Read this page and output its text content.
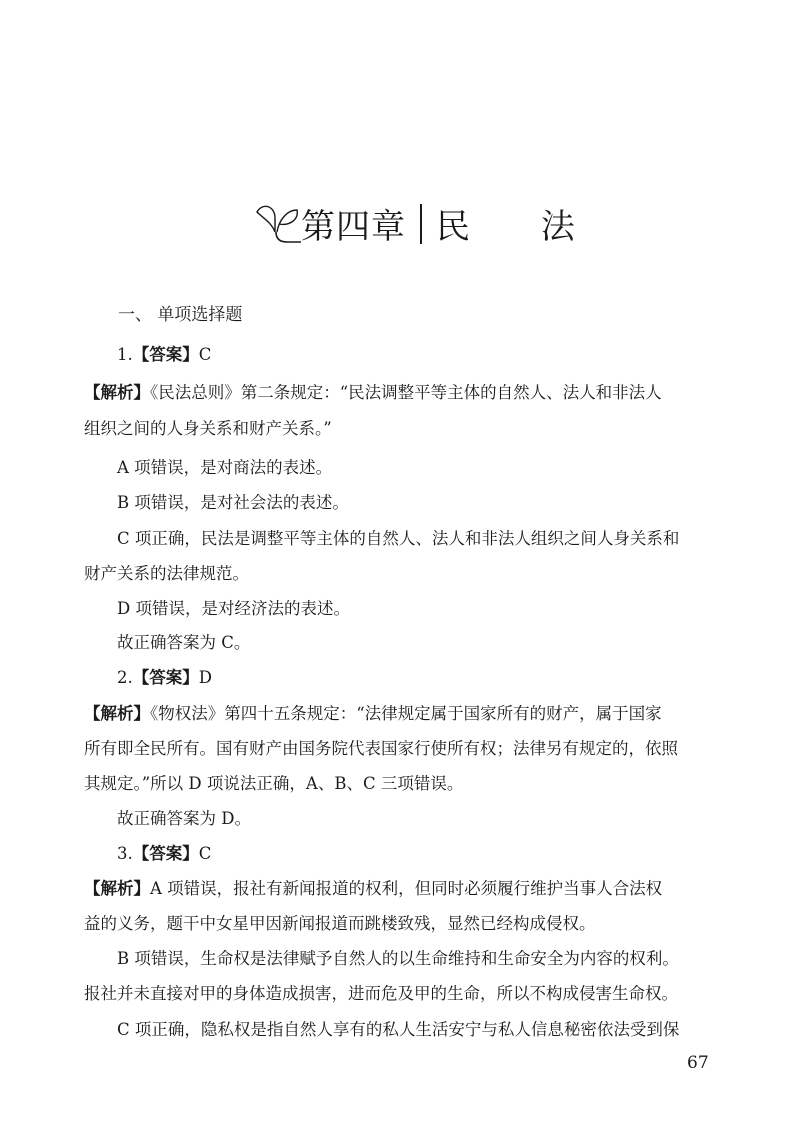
第四章 民 法
一、 单项选择题
1.【答案】C
【解析】《民法总则》第二条规定：“民法调整平等主体的自然人、法人和非法人
组织之间的人身关系和财产关系。”
A 项错误，是对商法的表述。
B 项错误，是对社会法的表述。
C 项正确，民法是调整平等主体的自然人、法人和非法人组织之间人身关系和
财产关系的法律规范。
D 项错误，是对经济法的表述。
故正确答案为 C。
2.【答案】D
【解析】《物权法》第四十五条规定：“法律规定属于国家所有的财产，属于国家
所有即全民所有。国有财产由国务院代表国家行使所有权；法律另有规定的，依照
其规定。”所以 D 项说法正确，A、B、C 三项错误。
故正确答案为 D。
3.【答案】C
【解析】A 项错误，报社有新闻报道的权利，但同时必须履行维护当事人合法权
益的义务，题干中女星甲因新闻报道而跳楼致残，显然已经构成侵权。
B 项错误，生命权是法律赋予自然人的以生命维持和生命安全为内容的权利。
报社并未直接对甲的身体造成损害，进而危及甲的生命，所以不构成侵害生命权。
C 项正确，隐私权是指自然人享有的私人生活安宁与私人信息秘密依法受到保
67
